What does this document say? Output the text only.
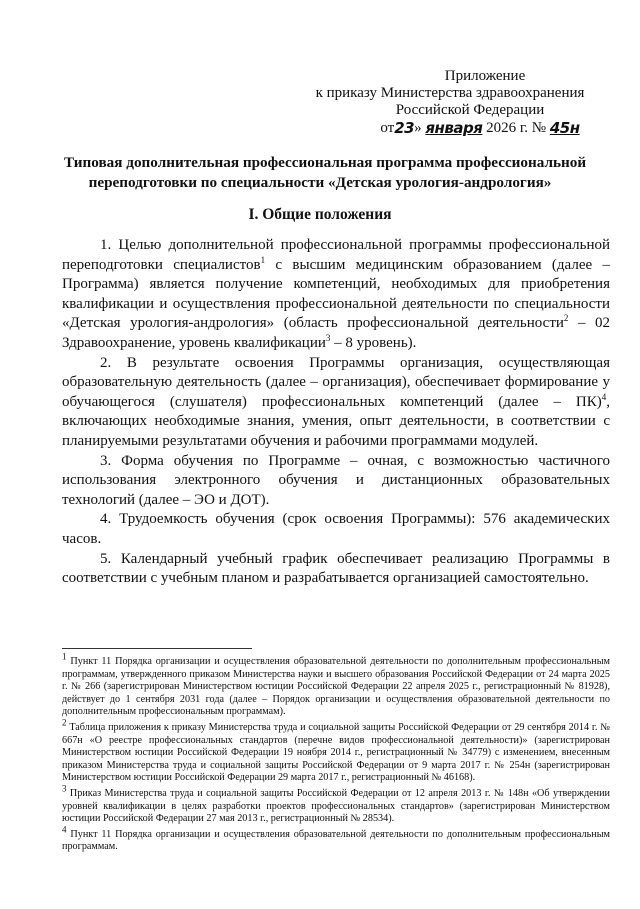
Приложение
к приказу Министерства здравоохранения
Российской Федерации
от23» января 2026 г. № 45н
Типовая дополнительная профессиональная программа профессиональной
переподготовки по специальности «Детская урология-андрология»
I. Общие положения

1. Целью дополнительной профессиональной программы профессиональной переподготовки специалистов$^1$ с высшим медицинским образованием (далее – Программа) является получение компетенций, необходимых для приобретения квалификации и осуществления профессиональной деятельности по специальности «Детская урология-андрология» (область профессиональной деятельности$^2$ – 02 Здравоохранение, уровень квалификации$^3$ – 8 уровень).

2. В результате освоения Программы организация, осуществляющая образовательную деятельность (далее – организация), обеспечивает формирование у обучающегося (слушателя) профессиональных компетенций (далее – ПК)$^4$, включающих необходимые знания, умения, опыт деятельности, в соответствии с планируемыми результатами обучения и рабочими программами модулей.

3. Форма обучения по Программе – очная, с возможностью частичного использования электронного обучения и дистанционных образовательных технологий (далее – ЭО и ДОТ).

4. Трудоемкость обучения (срок освоения Программы): 576 академических часов.

5. Календарный учебный график обеспечивает реализацию Программы в соответствии с учебным планом и разрабатывается организацией самостоятельно.

$^1$ Пункт 11 Порядка организации и осуществления образовательной деятельности по дополнительным профессиональным программам, утвержденного приказом Министерства науки и высшего образования Российской Федерации от 24 марта 2025 г. № 266 (зарегистрирован Министерством юстиции Российской Федерации 22 апреля 2025 г., регистрационный № 81928), действует до 1 сентября 2031 года (далее – Порядок организации и осуществления образовательной деятельности по дополнительным профессиональным программам).

$^2$ Таблица приложения к приказу Министерства труда и социальной защиты Российской Федерации от 29 сентября 2014 г. № 667н «О реестре профессиональных стандартов (перечне видов профессиональной деятельности)» (зарегистрирован Министерством юстиции Российской Федерации 19 ноября 2014 г., регистрационный № 34779) с изменением, внесенным приказом Министерства труда и социальной защиты Российской Федерации от 9 марта 2017 г. № 254н (зарегистрирован Министерством юстиции Российской Федерации 29 марта 2017 г., регистрационный № 46168).

$^3$ Приказ Министерства труда и социальной защиты Российской Федерации от 12 апреля 2013 г. № 148н «Об утверждении уровней квалификации в целях разработки проектов профессиональных стандартов» (зарегистрирован Министерством юстиции Российской Федерации 27 мая 2013 г., регистрационный № 28534).

$^4$ Пункт 11 Порядка организации и осуществления образовательной деятельности по дополнительным профессиональным программам.
